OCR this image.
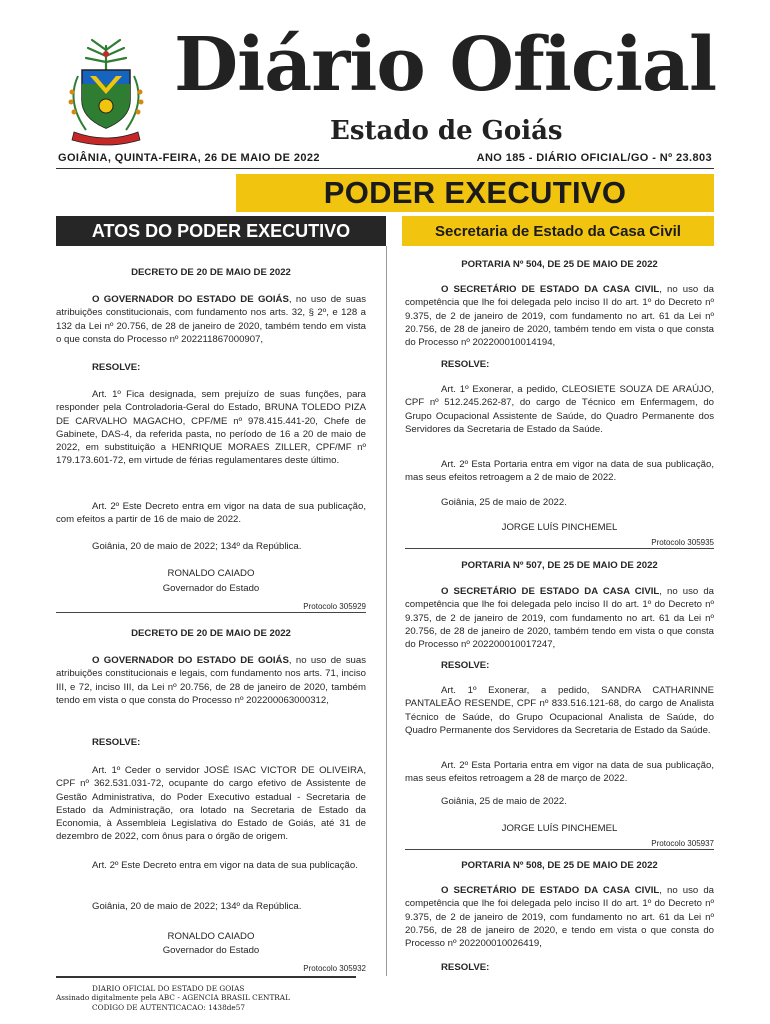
Diário Oficial
Estado de Goiás
GOIÂNIA, QUINTA-FEIRA, 26 DE MAIO DE 2022	ANO 185 - DIÁRIO OFICIAL/GO - Nº 23.803
PODER EXECUTIVO
ATOS DO PODER EXECUTIVO	Secretaria de Estado da Casa Civil
DECRETO DE 20 DE MAIO DE 2022
O GOVERNADOR DO ESTADO DE GOIÁS, no uso de suas atribuições constitucionais, com fundamento nos arts. 32, § 2º, e 128 a 132 da Lei nº 20.756, de 28 de janeiro de 2020, também tendo em vista o que consta do Processo nº 202211867000907,
RESOLVE:
Art. 1º Fica designada, sem prejuízo de suas funções, para responder pela Controladoria-Geral do Estado, BRUNA TOLEDO PIZA DE CARVALHO MAGACHO, CPF/ME nº 978.415.441-20, Chefe de Gabinete, DAS-4, da referida pasta, no período de 16 a 20 de maio de 2022, em substituição a HENRIQUE MORAES ZILLER, CPF/MF nº 179.173.601-72, em virtude de férias regulamentares deste último.
Art. 2º Este Decreto entra em vigor na data de sua publicação, com efeitos a partir de 16 de maio de 2022.
Goiânia, 20 de maio de 2022; 134º da República.
RONALDO CAIADO
Governador do Estado
Protocolo 305929
DECRETO DE 20 DE MAIO DE 2022
O GOVERNADOR DO ESTADO DE GOIÁS, no uso de suas atribuições constitucionais e legais, com fundamento nos arts. 71, inciso III, e 72, inciso III, da Lei nº 20.756, de 28 de janeiro de 2020, também tendo em vista o que consta do Processo nº 202200063000312,
RESOLVE:
Art. 1º Ceder o servidor JOSÉ ISAC VICTOR DE OLIVEIRA, CPF nº 362.531.031-72, ocupante do cargo efetivo de Assistente de Gestão Administrativa, do Poder Executivo estadual - Secretaria de Estado da Administração, ora lotado na Secretaria de Estado da Economia, à Assembleia Legislativa do Estado de Goiás, até 31 de dezembro de 2022, com ônus para o órgão de origem.
Art. 2º Este Decreto entra em vigor na data de sua publicação.
Goiânia, 20 de maio de 2022; 134º da República.
RONALDO CAIADO
Governador do Estado
Protocolo 305932
PORTARIA Nº 504, DE 25 DE MAIO DE 2022
O SECRETÁRIO DE ESTADO DA CASA CIVIL, no uso da competência que lhe foi delegada pelo inciso II do art. 1º do Decreto nº 9.375, de 2 de janeiro de 2019, com fundamento no art. 61 da Lei nº 20.756, de 28 de janeiro de 2020, também tendo em vista o que consta do Processo nº 202200010014194,
RESOLVE:
Art. 1º Exonerar, a pedido, CLEOSIETE SOUZA DE ARAÚJO, CPF nº 512.245.262-87, do cargo de Técnico em Enfermagem, do Grupo Ocupacional Assistente de Saúde, do Quadro Permanente dos Servidores da Secretaria de Estado da Saúde.
Art. 2º Esta Portaria entra em vigor na data de sua publicação, mas seus efeitos retroagem a 2 de maio de 2022.
Goiânia, 25 de maio de 2022.
JORGE LUÍS PINCHEMEL
Protocolo 305935
PORTARIA Nº 507, DE 25 DE MAIO DE 2022
O SECRETÁRIO DE ESTADO DA CASA CIVIL, no uso da competência que lhe foi delegada pelo inciso II do art. 1º do Decreto nº 9.375, de 2 de janeiro de 2019, com fundamento no art. 61 da Lei nº 20.756, de 28 de janeiro de 2020, também tendo em vista o que consta do Processo nº 202200010017247,
RESOLVE:
Art. 1º Exonerar, a pedido, SANDRA CATHARINNE PANTALEÃO RESENDE, CPF nº 833.516.121-68, do cargo de Analista Técnico de Saúde, do Grupo Ocupacional Analista de Saúde, do Quadro Permanente dos Servidores da Secretaria de Estado da Saúde.
Art. 2º Esta Portaria entra em vigor na data de sua publicação, mas seus efeitos retroagem a 28 de março de 2022.
Goiânia, 25 de maio de 2022.
JORGE LUÍS PINCHEMEL
Protocolo 305937
PORTARIA Nº 508, DE 25 DE MAIO DE 2022
O SECRETÁRIO DE ESTADO DA CASA CIVIL, no uso da competência que lhe foi delegada pelo inciso II do art. 1º do Decreto nº 9.375, de 2 de janeiro de 2019, com fundamento no art. 61 da Lei nº 20.756, de 28 de janeiro de 2020, e tendo em vista o que consta do Processo nº 202200010026419,
RESOLVE:
DIARIO OFICIAL DO ESTADO DE GOIAS
Assinado digitalmente pela ABC - AGENCIA BRASIL CENTRAL
CODIGO DE AUTENTICACAO: 1438de57
